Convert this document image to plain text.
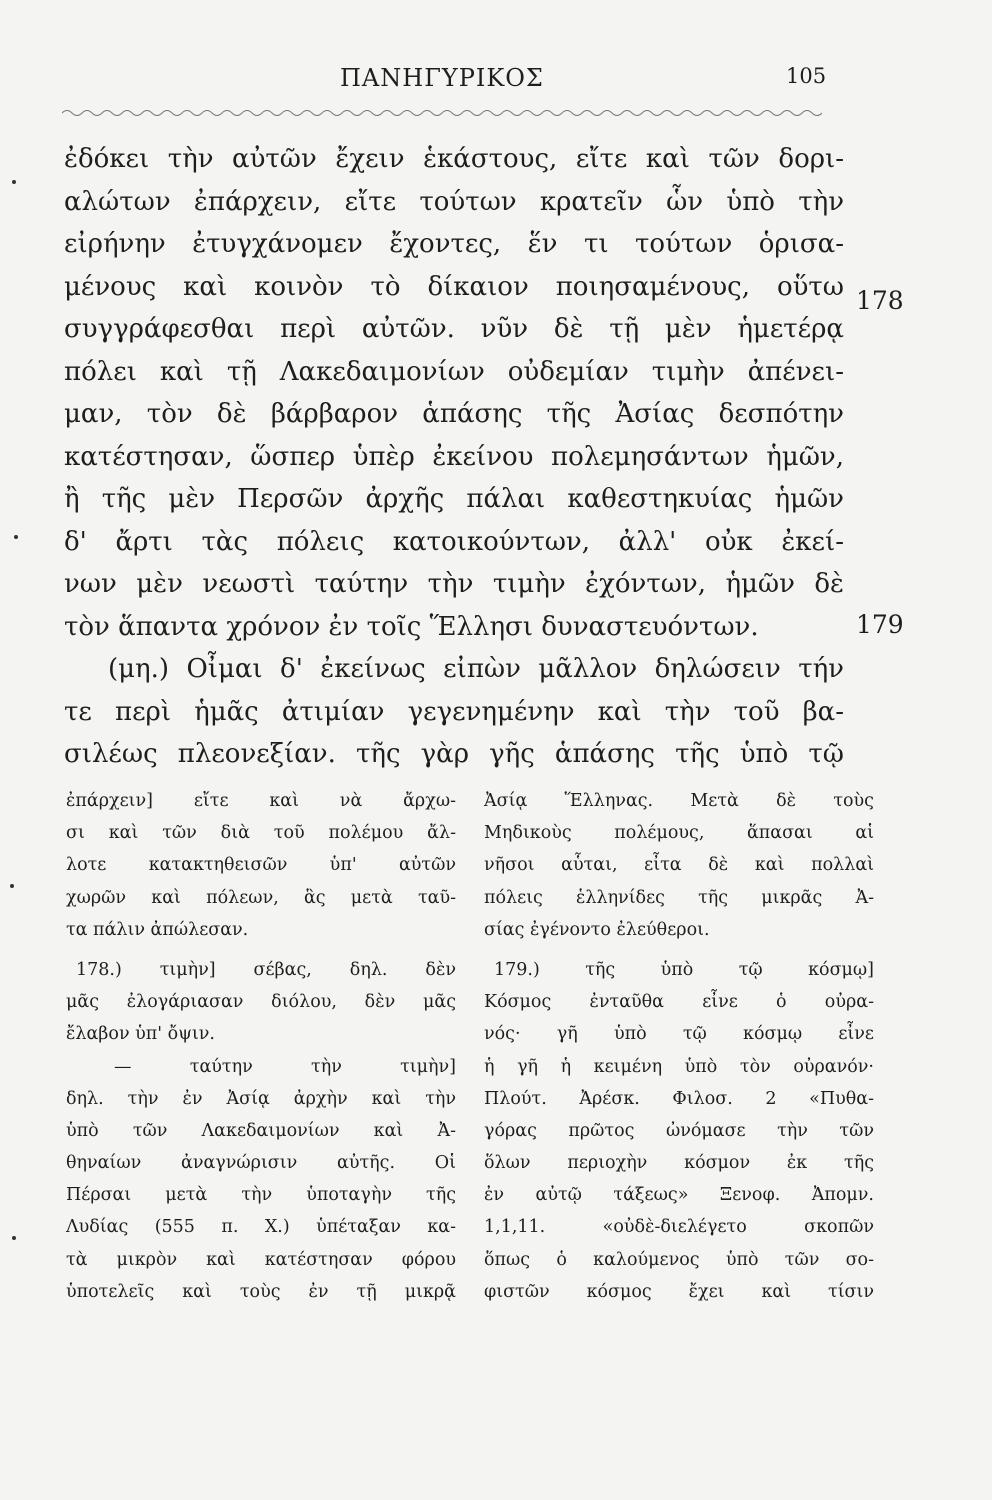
ΠΑΝΗΓΥΡΙΚΟΣ	105
ἐδόκει τὴν αὐτῶν ἔχειν ἑκάστους, εἴτε καὶ τῶν δορι-
αλώτων ἐπάρχειν, εἴτε τούτων κρατεῖν ὧν ὑπὸ τὴν
εἰρήνην ἐτυγχάνομεν ἔχοντες, ἕν τι τούτων ὁρισα-
μένους καὶ κοινὸν τὸ δίκαιον ποιησαμένους, οὕτω
συγγράφεσθαι περὶ αὐτῶν. νῦν δὲ τῇ μὲν ἡμετέρᾳ
πόλει καὶ τῇ Λακεδαιμονίων οὐδεμίαν τιμὴν ἀπένει-
μαν, τὸν δὲ βάρβαρον ἁπάσης τῆς Ἀσίας δεσπότην
κατέστησαν, ὥσπερ ὑπὲρ ἐκείνου πολεμησάντων ἡμῶν,
ἢ τῆς μὲν Περσῶν ἀρχῆς πάλαι καθεστηκυίας ἡμῶν
δ' ἄρτι τὰς πόλεις κατοικούντων, ἀλλ' οὐκ ἐκεί-
νων μὲν νεωστὶ ταύτην τὴν τιμὴν ἐχόντων, ἡμῶν δὲ
τὸν ἅπαντα χρόνον ἐν τοῖς Ἕλλησι δυναστευόντων.
(μη.) Οἶμαι δ' ἐκείνως εἰπὼν μᾶλλον δηλώσειν τήν
τε περὶ ἡμᾶς ἀτιμίαν γεγενημένην καὶ τὴν τοῦ βα-
σιλέως πλεονεξίαν. τῆς γὰρ γῆς ἁπάσης τῆς ὑπὸ τῷ
178
179
ἐπάρχειν] εἴτε καὶ νὰ ἄρχω-
σι καὶ τῶν διὰ τοῦ πολέμου ἄλ-
λοτε κατακτηθεισῶν ὑπ' αὐτῶν
χωρῶν καὶ πόλεων, ἃς μετὰ ταῦ-
τα πάλιν ἀπώλεσαν.
178.) τιμὴν] σέβας, δηλ. δὲν
μᾶς ἐλογάριασαν διόλου, δὲν μᾶς
ἔλαβον ὑπ' ὄψιν.
— ταύτην τὴν τιμὴν]
δηλ. τὴν ἐν Ἀσίᾳ ἀρχὴν καὶ τὴν
ὑπὸ τῶν Λακεδαιμονίων καὶ Ἀ-
θηναίων ἀναγνώρισιν αὐτῆς. Οἱ
Πέρσαι μετὰ τὴν ὑποταγὴν τῆς
Λυδίας (555 π. Χ.) ὑπέταξαν κα-
τὰ μικρὸν καὶ κατέστησαν φόρου
ὑποτελεῖς καὶ τοὺς ἐν τῇ μικρᾷ
Ἀσίᾳ Ἕλληνας. Μετὰ δὲ τοὺς
Μηδικοὺς πολέμους, ἅπασαι αἱ
νῆσοι αὗται, εἶτα δὲ καὶ πολλαὶ
πόλεις ἑλληνίδες τῆς μικρᾶς Ἀ-
σίας ἐγένοντο ἐλεύθεροι.
179.) τῆς ὑπὸ τῷ κόσμῳ]
Κόσμος ἐνταῦθα εἶνε ὁ οὐρα-
νός· γῆ ὑπὸ τῷ κόσμῳ εἶνε
ἡ γῆ ἡ κειμένη ὑπὸ τὸν οὐρανόν·
Πλούτ. Ἀρέσκ. Φιλοσ. 2 «Πυθα-
γόρας πρῶτος ὠνόμασε τὴν τῶν
ὅλων περιοχὴν κόσμον ἐκ τῆς
ἐν αὐτῷ τάξεως» Ξενοφ. Ἀπομν.
1,1,11. «οὐδὲ-διελέγετο σκοπῶν
ὅπως ὁ καλούμενος ὑπὸ τῶν σο-
φιστῶν κόσμος ἔχει καὶ τίσιν
